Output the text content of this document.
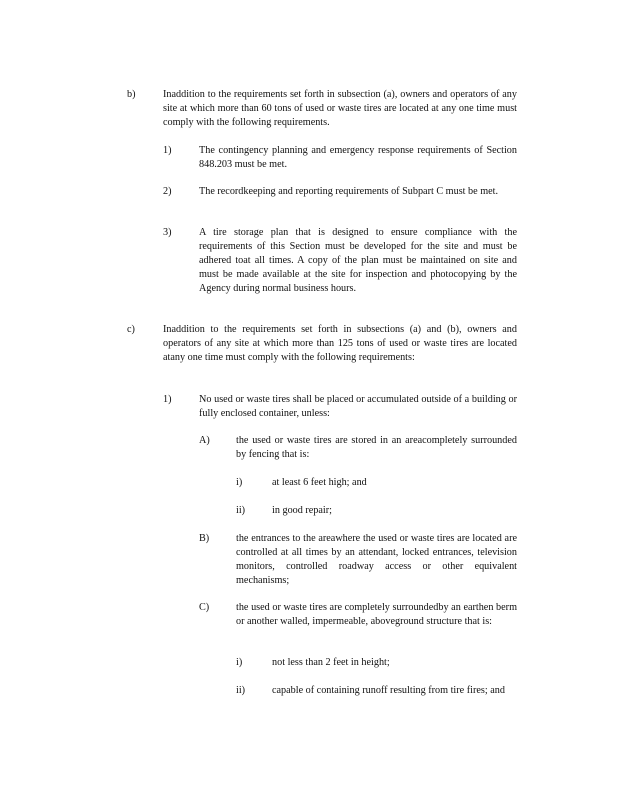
b)	Inaddition to the requirements set forth in subsection (a), owners and operators of any site at which more than 60 tons of used or waste tires are located at any one time must comply with the following requirements.
1)	The contingency planning and emergency response requirements of Section 848.203 must be met.
2)	The recordkeeping and reporting requirements of Subpart C must be met.
3)	A tire storage plan that is designed to ensure compliance with the requirements of this Section must be developed for the site and must be adhered toat all times. A copy of the plan must be maintained on site and must be made available at the site for inspection and photocopying by the Agency during normal business hours.
c)	Inaddition to the requirements set forth in subsections (a) and (b), owners and operators of any site at which more than 125 tons of used or waste tires are located atany one time must comply with the following requirements:
1)	No used or waste tires shall be placed or accumulated outside of a building or fully enclosed container, unless:
A)	the used or waste tires are stored in an areacompletely surrounded by fencing that is:
i)	at least 6 feet high; and
ii)	in good repair;
B)	the entrances to the areawhere the used or waste tires are located are controlled at all times by an attendant, locked entrances, television monitors, controlled roadway access or other equivalent mechanisms;
C)	the used or waste tires are completely surroundedby an earthen berm or another walled, impermeable, aboveground structure that is:
i)	not less than 2 feet in height;
ii)	capable of containing runoff resulting from tire fires; and
